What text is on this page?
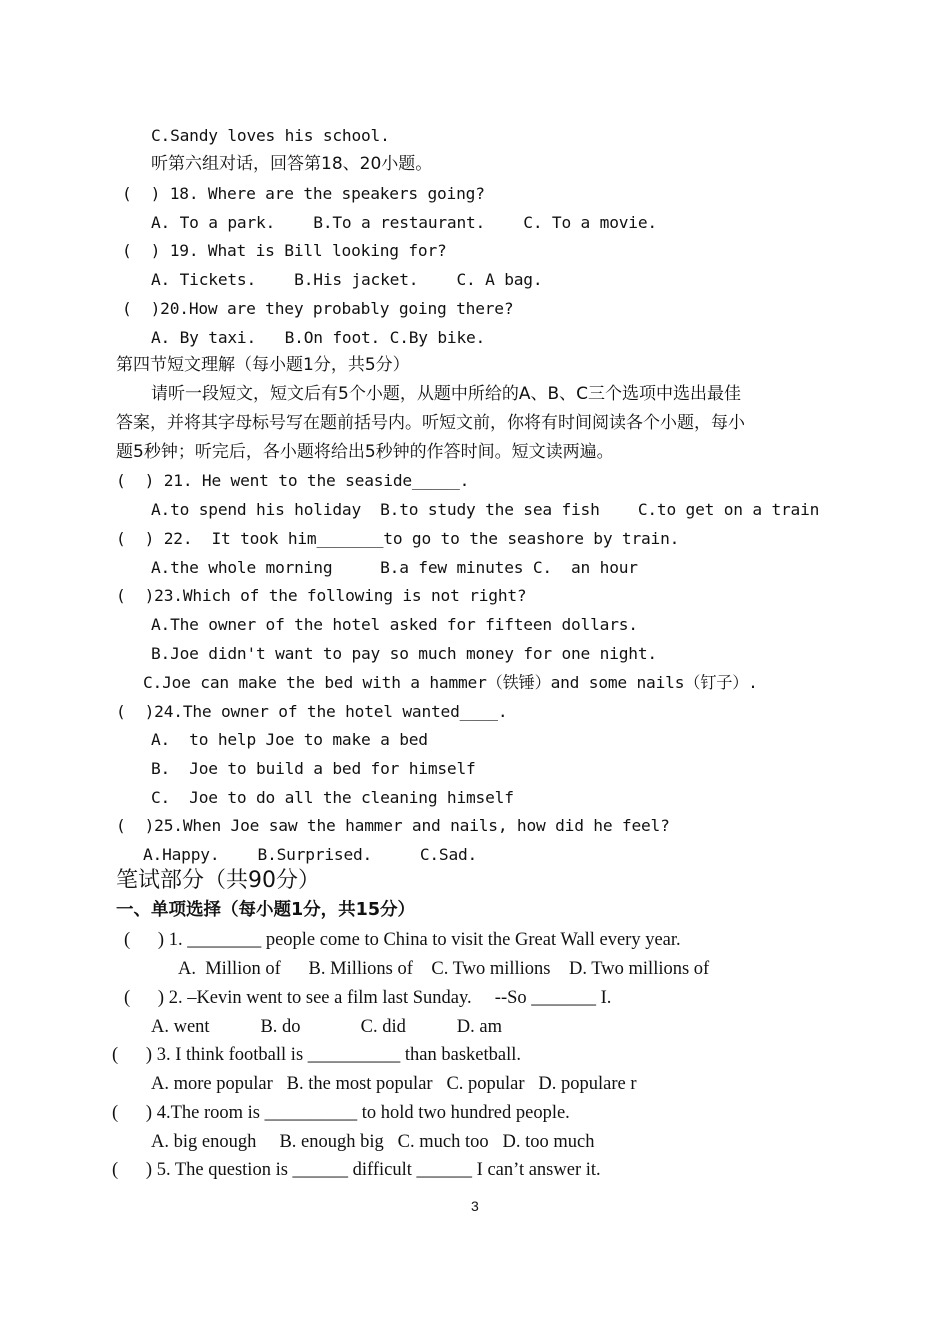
C.Sandy loves his school.
听第六组对话，回答第18、20小题。
(  ) 18. Where are the speakers going?
A. To a park.    B.To a restaurant.    C. To a movie.
(  ) 19. What is Bill looking for?
A. Tickets.    B.His jacket.    C. A bag.
(  )20.How are they probably going there?
A. By taxi.   B.On foot. C.By bike.
第四节短文理解（每小题1分，共5分）
请听一段短文，短文后有5个小题，从题中所给的A、B、C三个选项中选出最佳
答案，并将其字母标号写在题前括号内。听短文前，你将有时间阅读各个小题，每小
题5秒钟；听完后，各小题将给出5秒钟的作答时间。短文读两遍。
(  ) 21. He went to the seaside_____.
A.to spend his holiday  B.to study the sea fish    C.to get on a train
(  ) 22.  It took him_______to go to the seashore by train.
A.the whole morning     B.a few minutes C.  an hour
(  )23.Which of the following is not right?
A.The owner of the hotel asked for fifteen dollars.
B.Joe didn't want to pay so much money for one night.
C.Joe can make the bed with a hammer（铁锤）and some nails（钉子）.
(  )24.The owner of the hotel wanted____.
A.  to help Joe to make a bed
B.  Joe to build a bed for himself
C.  Joe to do all the cleaning himself
(  )25.When Joe saw the hammer and nails, how did he feel?
A.Happy.    B.Surprised.     C.Sad.
笔试部分（共90分）
一、单项选择（每小题1分，共15分）
(      ) 1. ________ people come to China to visit the Great Wall every year.
A.  Million of      B. Millions of    C. Two millions    D. Two millions of
(      ) 2. –Kevin went to see a film last Sunday.     --So _______ I.
A. went           B. do             C. did           D. am
(      ) 3. I think football is __________ than basketball.
A. more popular   B. the most popular   C. popular   D. populare r
(      ) 4.The room is __________ to hold two hundred people.
A. big enough     B. enough big   C. much too   D. too much
(      ) 5. The question is ______ difficult ______ I can’t answer it.
3
